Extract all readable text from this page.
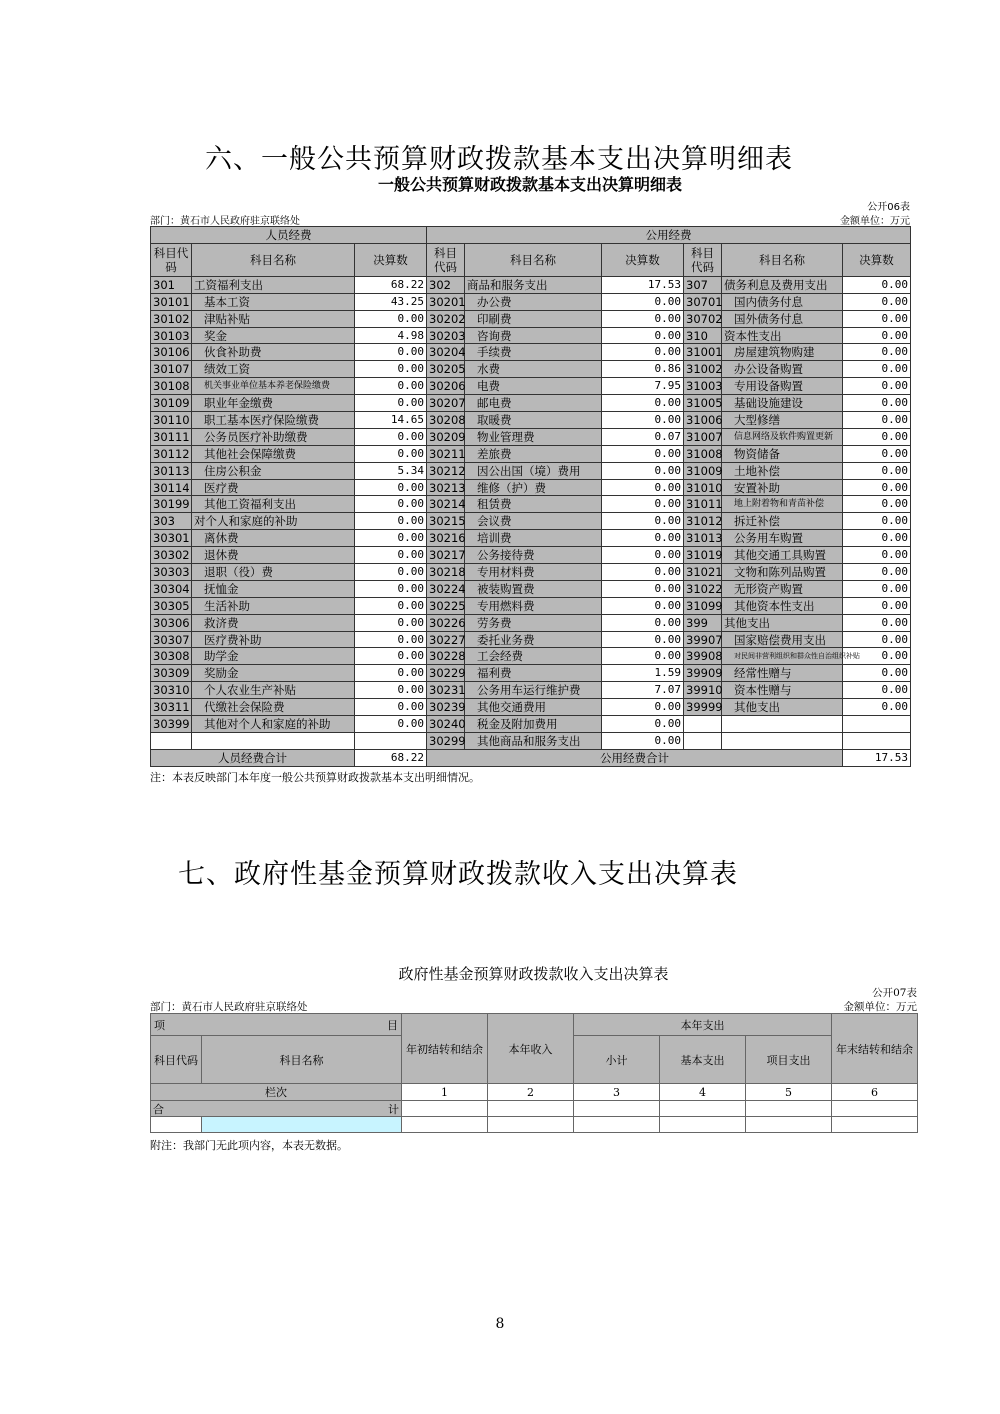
六、一般公共预算财政拨款基本支出决算明细表
一般公共预算财政拨款基本支出决算明细表
公开06表
部门：黄石市人民政府驻京联络处	金额单位：万元
人员经费			公用经费					
科目代码	科目名称	决算数	科目代码	科目名称	决算数	科目代码	科目名称	决算数
301	工资福利支出	68.22	302	商品和服务支出	17.53	307	债务利息及费用支出	0.00
30101	基本工资	43.25	30201	办公费	0.00	30701	国内债务付息	0.00
30102	津贴补贴	0.00	30202	印刷费	0.00	30702	国外债务付息	0.00
30103	奖金	4.98	30203	咨询费	0.00	310	资本性支出	0.00
30106	伙食补助费	0.00	30204	手续费	0.00	31001	房屋建筑物购建	0.00
30107	绩效工资	0.00	30205	水费	0.86	31002	办公设备购置	0.00
30108	机关事业单位基本养老保险缴费	0.00	30206	电费	7.95	31003	专用设备购置	0.00
30109	职业年金缴费	0.00	30207	邮电费	0.00	31005	基础设施建设	0.00
30110	职工基本医疗保险缴费	14.65	30208	取暖费	0.00	31006	大型修缮	0.00
30111	公务员医疗补助缴费	0.00	30209	物业管理费	0.07	31007	信息网络及软件购置更新	0.00
30112	其他社会保障缴费	0.00	30211	差旅费	0.00	31008	物资储备	0.00
30113	住房公积金	5.34	30212	因公出国（境）费用	0.00	31009	土地补偿	0.00
30114	医疗费	0.00	30213	维修（护）费	0.00	31010	安置补助	0.00
30199	其他工资福利支出	0.00	30214	租赁费	0.00	31011	地上附着物和青苗补偿	0.00
303	对个人和家庭的补助	0.00	30215	会议费	0.00	31012	拆迁补偿	0.00
30301	离休费	0.00	30216	培训费	0.00	31013	公务用车购置	0.00
30302	退休费	0.00	30217	公务接待费	0.00	31019	其他交通工具购置	0.00
30303	退职（役）费	0.00	30218	专用材料费	0.00	31021	文物和陈列品购置	0.00
30304	抚恤金	0.00	30224	被装购置费	0.00	31022	无形资产购置	0.00
30305	生活补助	0.00	30225	专用燃料费	0.00	31099	其他资本性支出	0.00
30306	救济费	0.00	30226	劳务费	0.00	399	其他支出	0.00
30307	医疗费补助	0.00	30227	委托业务费	0.00	39907	国家赔偿费用支出	0.00
30308	助学金	0.00	30228	工会经费	0.00	39908	对民间非营利组织和群众性自治组织补贴	0.00
30309	奖励金	0.00	30229	福利费	1.59	39909	经常性赠与	0.00
30310	个人农业生产补贴	0.00	30231	公务用车运行维护费	7.07	39910	资本性赠与	0.00
30311	代缴社会保险费	0.00	30239	其他交通费用	0.00	39999	其他支出	0.00
30399	其他对个人和家庭的补助	0.00	30240	税金及附加费用	0.00			
			30299	其他商品和服务支出	0.00			
人员经费合计		68.22	公用经费合计					17.53
注：本表反映部门本年度一般公共预算财政拨款基本支出明细情况。
七、政府性基金预算财政拨款收入支出决算表
政府性基金预算财政拨款收入支出决算表
公开07表
部门：黄石市人民政府驻京联络处	金额单位：万元
项 目		年初结转和结余	本年收入	本年支出			年末结转和结余
科目代码	科目名称			小计	基本支出	项目支出	
栏次		1	2	3	4	5	6

合 计							

附注：我部门无此项内容，本表无数据。
8
